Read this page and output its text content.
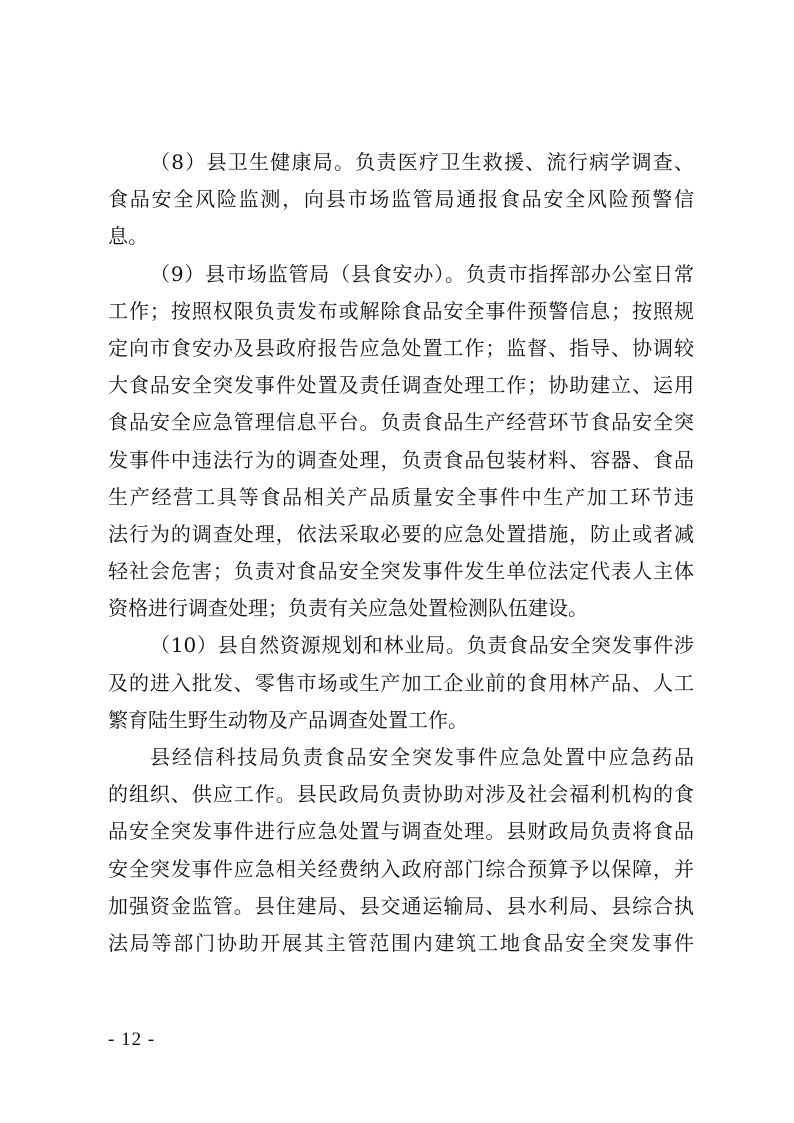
（8）县卫生健康局。负责医疗卫生救援、流行病学调查、
食品安全风险监测，向县市场监管局通报食品安全风险预警信
息。
（9）县市场监管局（县食安办）。负责市指挥部办公室日常
工作；按照权限负责发布或解除食品安全事件预警信息；按照规
定向市食安办及县政府报告应急处置工作；监督、指导、协调较
大食品安全突发事件处置及责任调查处理工作；协助建立、运用
食品安全应急管理信息平台。负责食品生产经营环节食品安全突
发事件中违法行为的调查处理，负责食品包装材料、容器、食品
生产经营工具等食品相关产品质量安全事件中生产加工环节违
法行为的调查处理，依法采取必要的应急处置措施，防止或者减
轻社会危害；负责对食品安全突发事件发生单位法定代表人主体
资格进行调查处理；负责有关应急处置检测队伍建设。
（10）县自然资源规划和林业局。负责食品安全突发事件涉
及的进入批发、零售市场或生产加工企业前的食用林产品、人工
繁育陆生野生动物及产品调查处置工作。
县经信科技局负责食品安全突发事件应急处置中应急药品
的组织、供应工作。县民政局负责协助对涉及社会福利机构的食
品安全突发事件进行应急处置与调查处理。县财政局负责将食品
安全突发事件应急相关经费纳入政府部门综合预算予以保障，并
加强资金监管。县住建局、县交通运输局、县水利局、县综合执
法局等部门协助开展其主管范围内建筑工地食品安全突发事件
- 12 -
